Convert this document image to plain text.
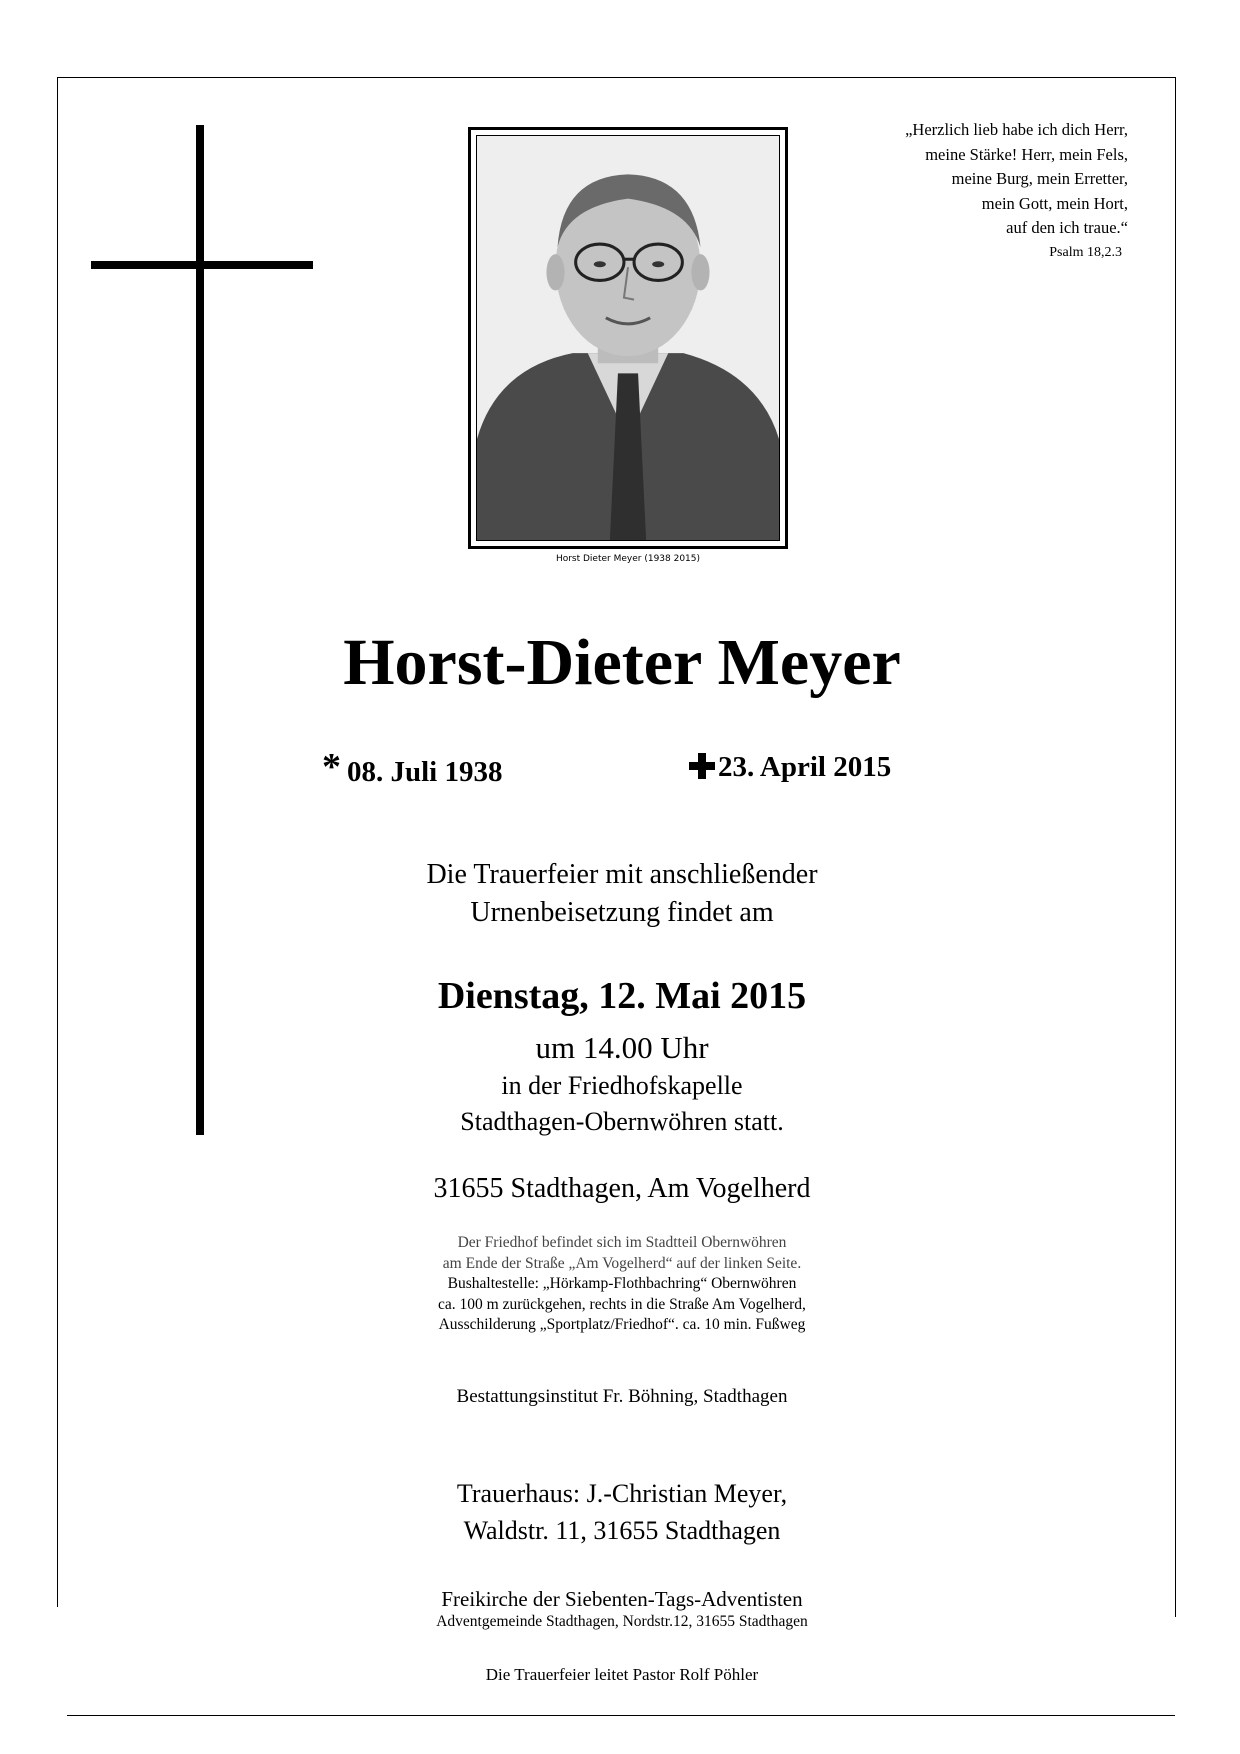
„Herzlich lieb habe ich dich Herr,
meine Stärke! Herr, mein Fels,
meine Burg, mein Erretter,
mein Gott, mein Hort,
auf den ich traue.“
Psalm 18,2.3
Horst Dieter Meyer (1938 2015)
Horst-Dieter Meyer
* 08. Juli 1938	23. April 2015
Die Trauerfeier mit anschließender
Urnenbeisetzung findet am
Dienstag, 12. Mai 2015
um 14.00 Uhr
in der Friedhofskapelle
Stadthagen-Obernwöhren statt.
31655 Stadthagen, Am Vogelherd
Der Friedhof befindet sich im Stadtteil Obernwöhren
am Ende der Straße „Am Vogelherd“ auf der linken Seite.
Bushaltestelle: „Hörkamp-Flothbachring“ Obernwöhren
ca. 100 m zurückgehen, rechts in die Straße Am Vogelherd,
Ausschilderung „Sportplatz/Friedhof“. ca. 10 min. Fußweg
Bestattungsinstitut Fr. Böhning, Stadthagen
Trauerhaus: J.-Christian Meyer,
Waldstr. 11, 31655 Stadthagen
Freikirche der Siebenten-Tags-Adventisten
Adventgemeinde Stadthagen, Nordstr.12, 31655 Stadthagen
Die Trauerfeier leitet Pastor Rolf Pöhler
